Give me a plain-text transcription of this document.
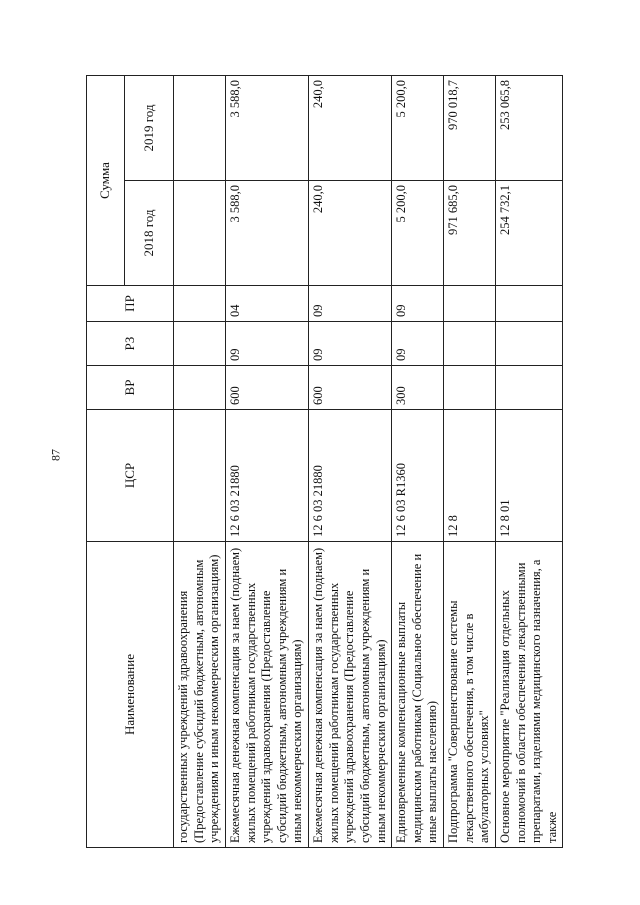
87
Наименование	ЦСР	ВР	РЗ	ПР	Сумма	
					2018 год	2019 год
государственных учреждений здравоохранения (Предоставление субсидий бюджетным, автономным учреждениям и иным некоммерческим организациям)						
Ежемесячная денежная компенсация за наем (поднаем) жилых помещений работникам государственных учреждений здравоохранения (Предоставление субсидий бюджетным, автономным учреждениям и иным некоммерческим организациям)	12 6 03 21880	600	09	04	3 588,0	3 588,0
Ежемесячная денежная компенсация за наем (поднаем) жилых помещений работникам государственных учреждений здравоохранения (Предоставление субсидий бюджетным, автономным учреждениям и иным некоммерческим организациям)	12 6 03 21880	600	09	09	240,0	240,0
Единовременные компенсационные выплаты медицинским работникам (Социальное обеспечение и иные выплаты населению)	12 6 03 R1360	300	09	09	5 200,0	5 200,0
Подпрограмма "Совершенствование системы лекарственного обеспечения, в том числе в амбулаторных условиях"	12 8				971 685,0	970 018,7
Основное мероприятие "Реализация отдельных полномочий в области обеспечения лекарственными препаратами, изделиями медицинского назначения, а также	12 8 01				254 732,1	253 065,8
